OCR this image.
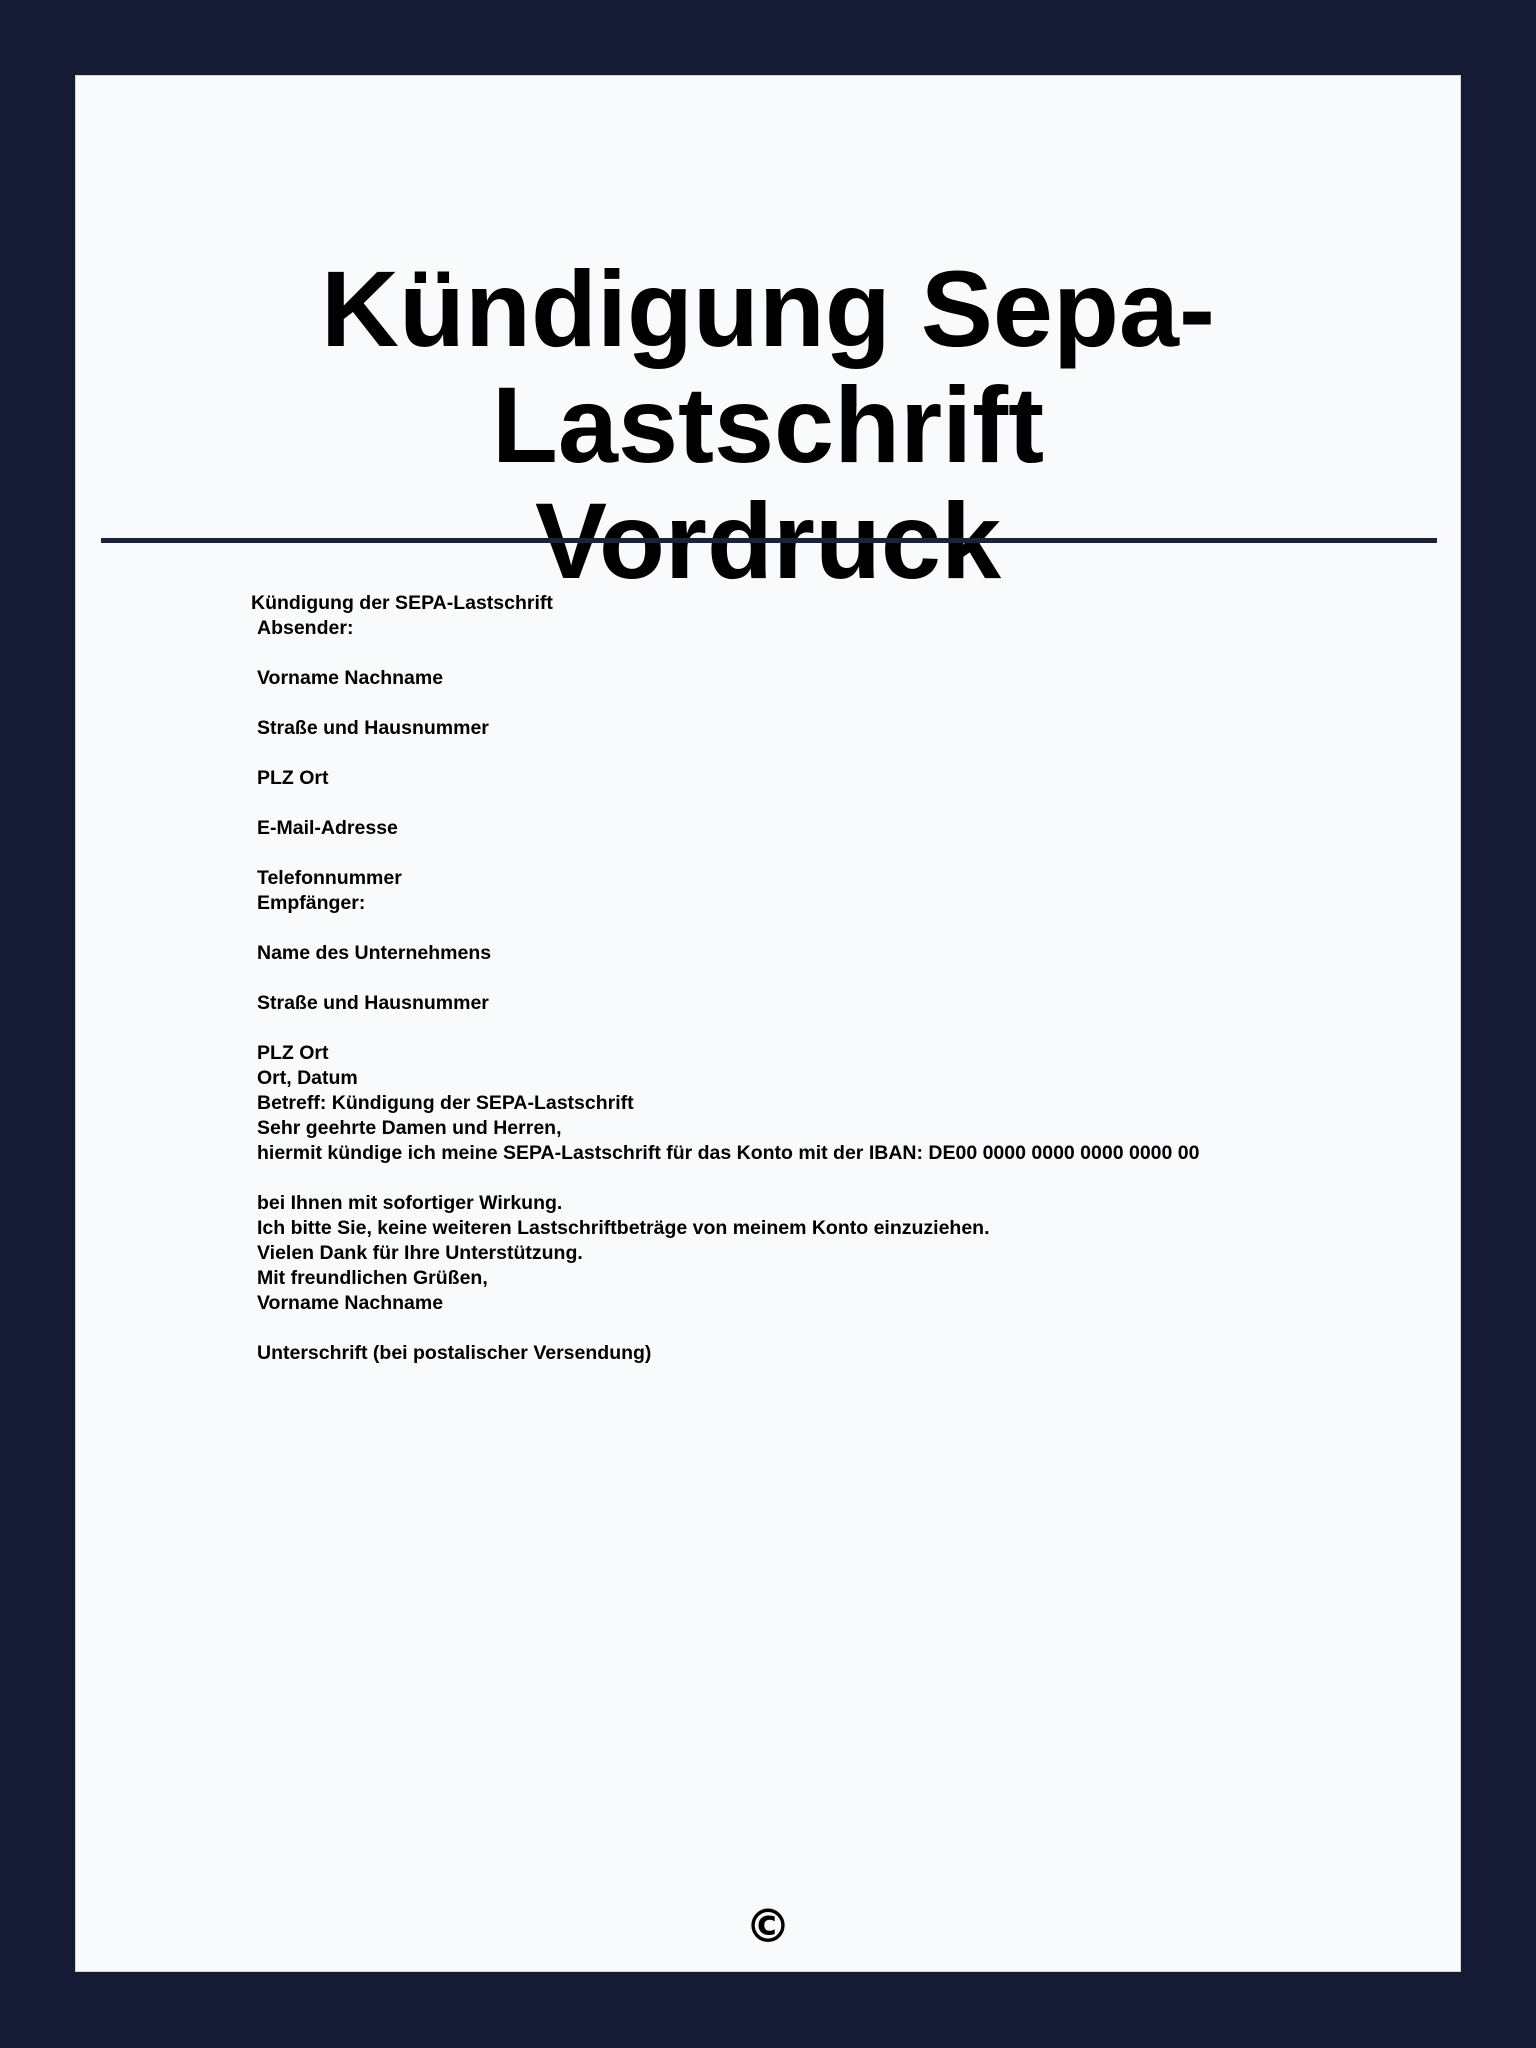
Kündigung Sepa-Lastschrift
Vordruck
Kündigung der SEPA-Lastschrift
Absender:
Vorname Nachname
Straße und Hausnummer
PLZ Ort
E-Mail-Adresse
Telefonnummer
Empfänger:
Name des Unternehmens
Straße und Hausnummer
PLZ Ort
Ort, Datum
Betreff: Kündigung der SEPA-Lastschrift
Sehr geehrte Damen und Herren,
hiermit kündige ich meine SEPA-Lastschrift für das Konto mit der IBAN: DE00 0000 0000 0000 0000 00
bei Ihnen mit sofortiger Wirkung.
Ich bitte Sie, keine weiteren Lastschriftbeträge von meinem Konto einzuziehen.
Vielen Dank für Ihre Unterstützung.
Mit freundlichen Grüßen,
Vorname Nachname
Unterschrift (bei postalischer Versendung)
©
